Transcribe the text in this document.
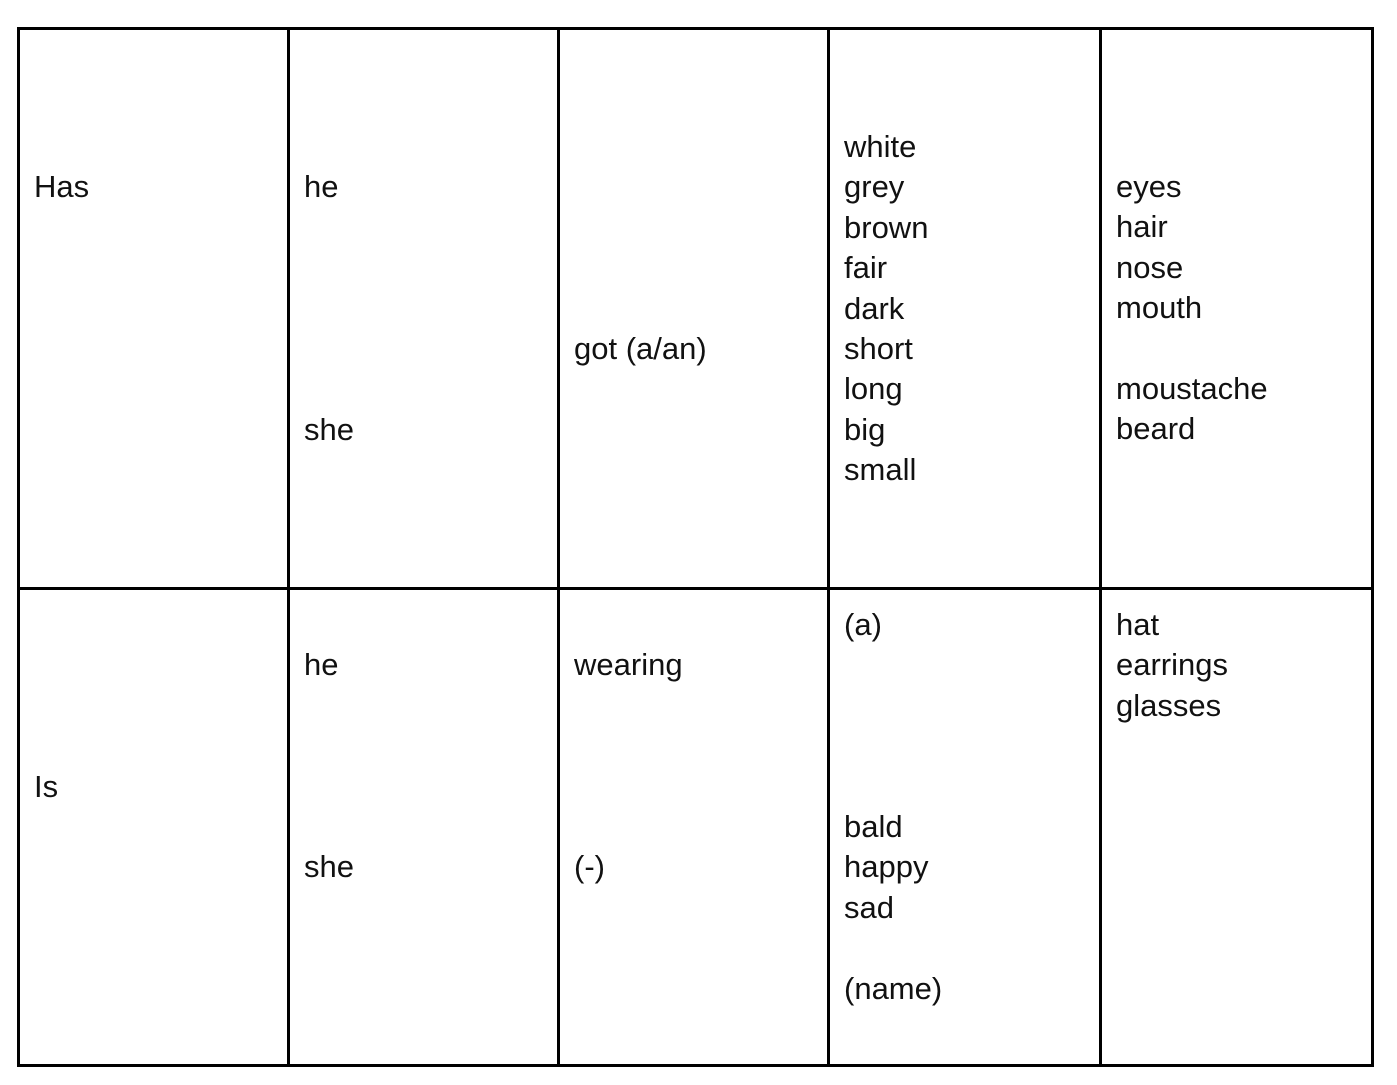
Has	he
she
got (a/an)
white
grey
brown
fair
dark
short
long
big
small
eyes
hair
nose
mouth
moustache
beard
Is
he
she
wearing
(-)
(a)
bald
happy
sad
(name)
hat
earrings
glasses
